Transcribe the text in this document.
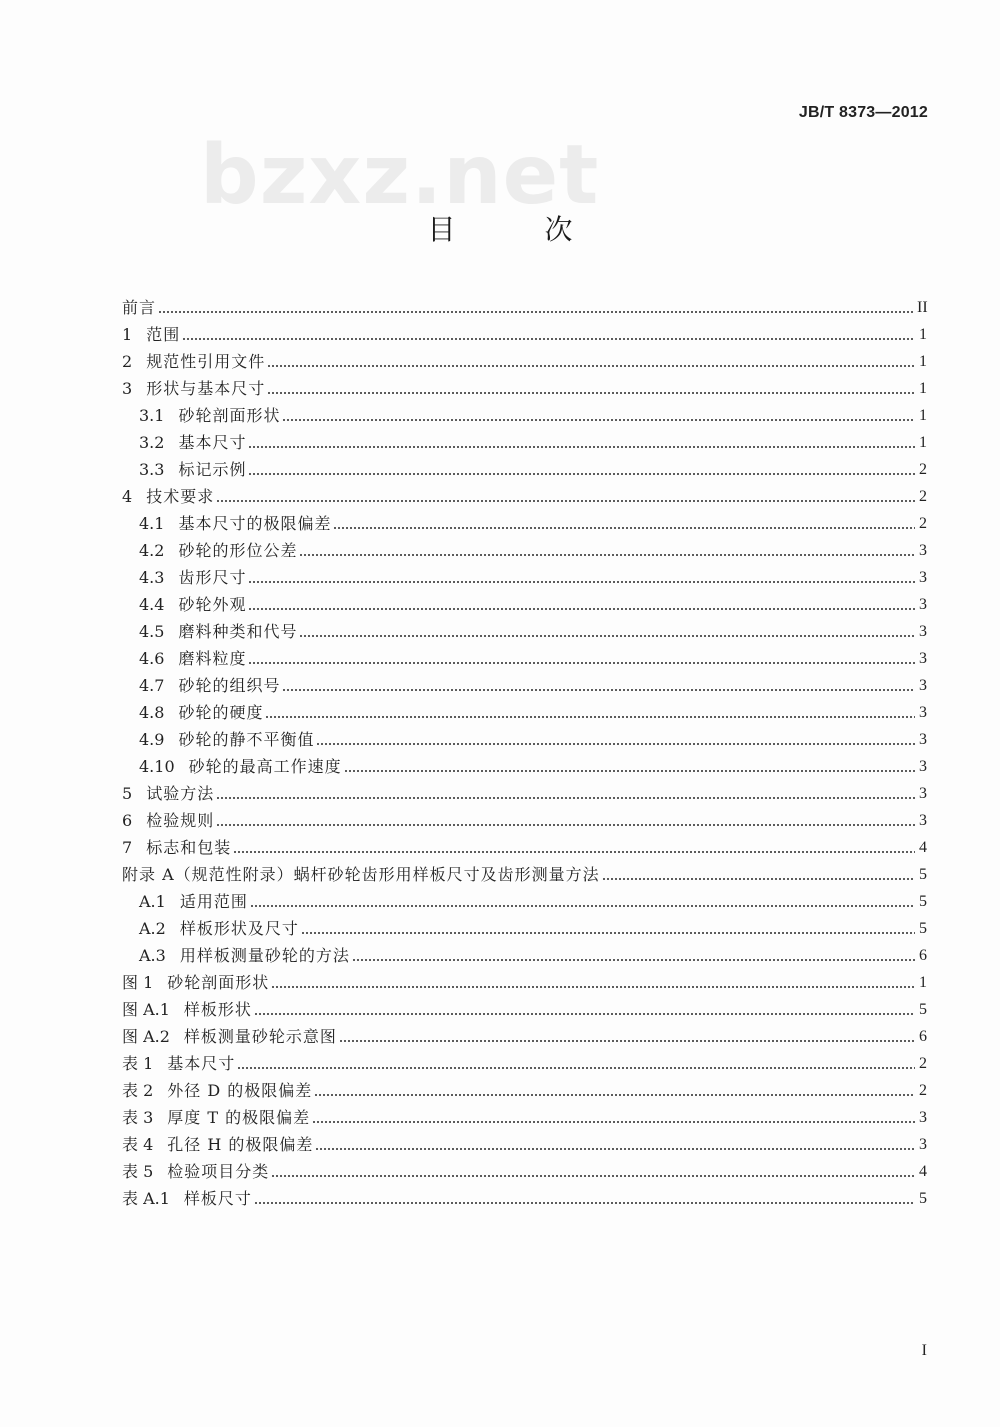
JB/T 8373—2012
bzxz.net
目 次
前言	II
1 范围	1
2 规范性引用文件	1
3 形状与基本尺寸	1
3.1 砂轮剖面形状	1
3.2 基本尺寸	1
3.3 标记示例	2
4 技术要求	2
4.1 基本尺寸的极限偏差	2
4.2 砂轮的形位公差	3
4.3 齿形尺寸	3
4.4 砂轮外观	3
4.5 磨料种类和代号	3
4.6 磨料粒度	3
4.7 砂轮的组织号	3
4.8 砂轮的硬度	3
4.9 砂轮的静不平衡值	3
4.10 砂轮的最高工作速度	3
5 试验方法	3
6 检验规则	3
7 标志和包装	4
附录 A（规范性附录）蜗杆砂轮齿形用样板尺寸及齿形测量方法	5
A.1 适用范围	5
A.2 样板形状及尺寸	5
A.3 用样板测量砂轮的方法	6
图 1 砂轮剖面形状	1
图 A.1 样板形状	5
图 A.2 样板测量砂轮示意图	6
表 1 基本尺寸	2
表 2 外径 D 的极限偏差	2
表 3 厚度 T 的极限偏差	3
表 4 孔径 H 的极限偏差	3
表 5 检验项目分类	4
表 A.1 样板尺寸	5
I
